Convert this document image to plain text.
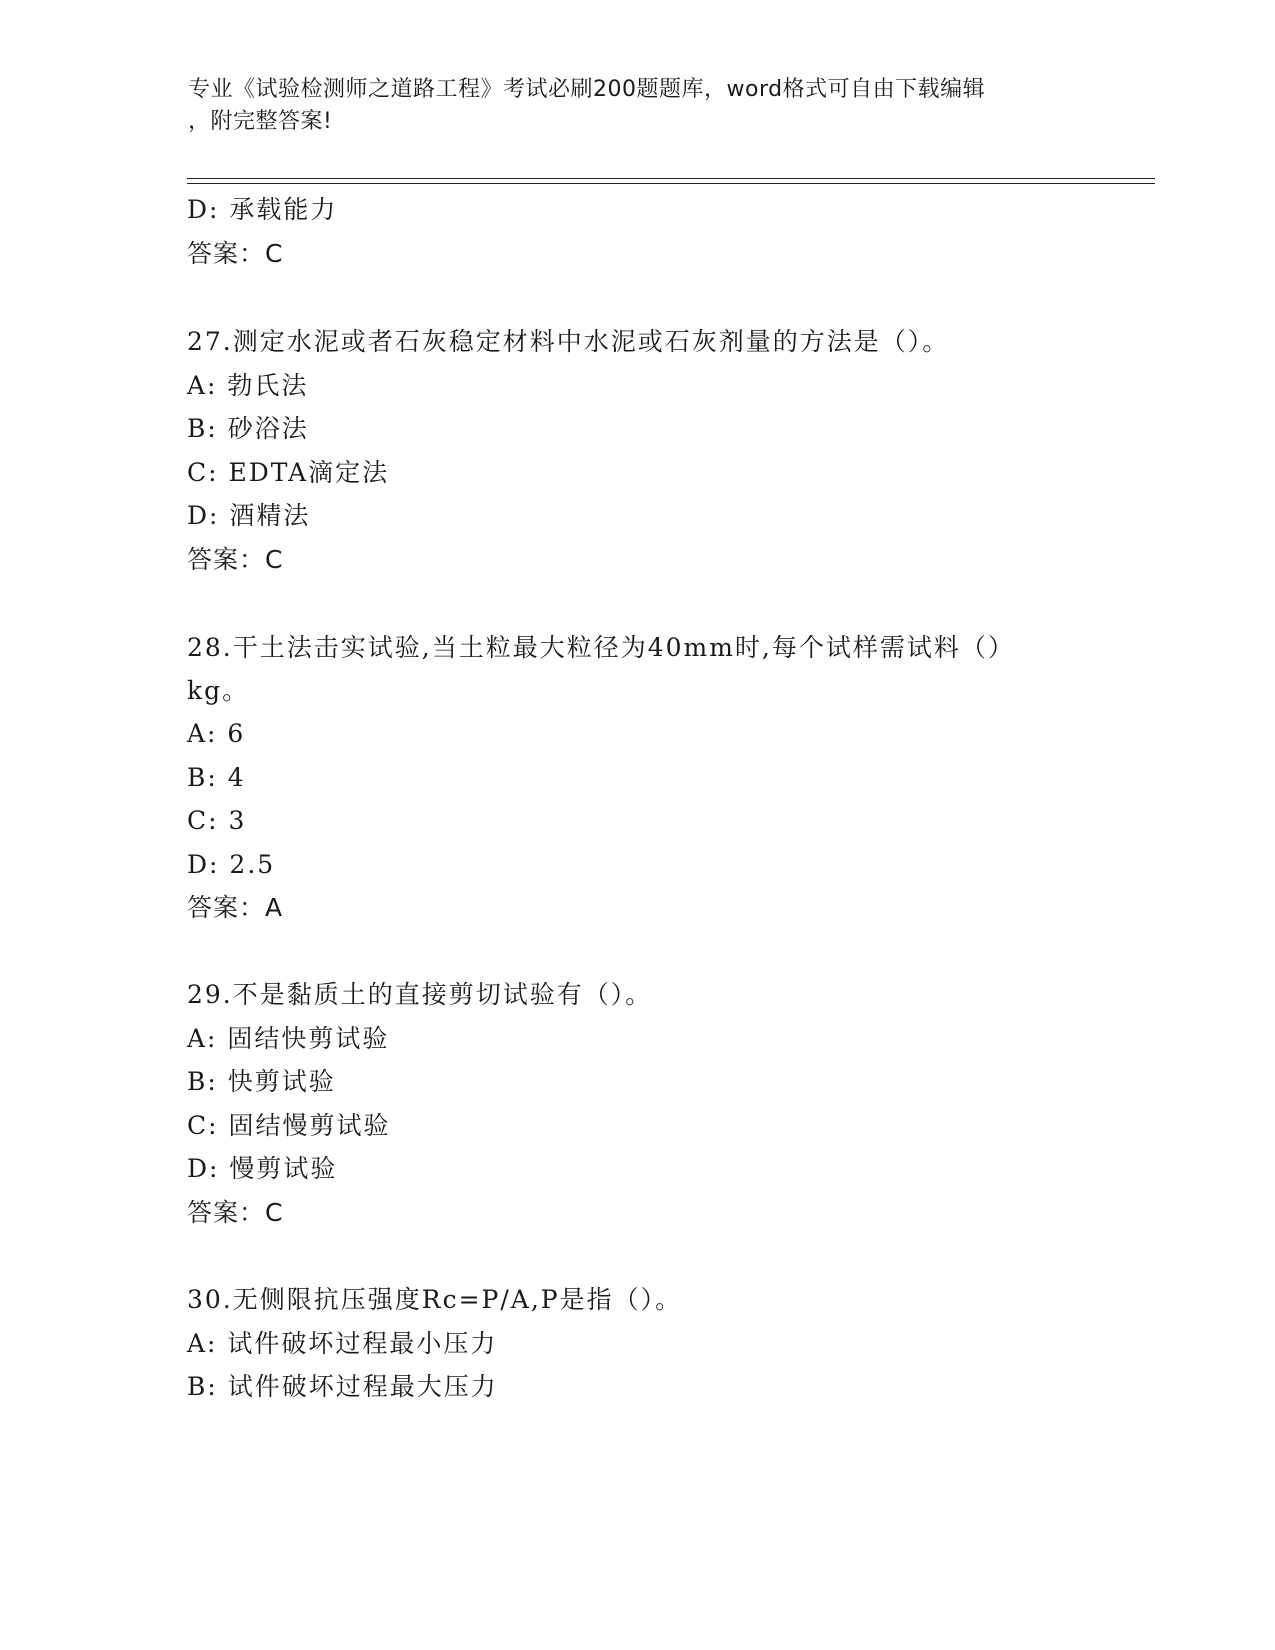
专业《试验检测师之道路工程》考试必刷200题题库，word格式可自由下载编辑
，附完整答案!
D: 承载能力
答案：C
27.测定水泥或者石灰稳定材料中水泥或石灰剂量的方法是（）。
A: 勃氏法
B: 砂浴法
C: EDTA滴定法
D: 酒精法
答案：C
28.干土法击实试验,当土粒最大粒径为40mm时,每个试样需试料（）
kg。
A: 6
B: 4
C: 3
D: 2.5
答案：A
29.不是黏质土的直接剪切试验有（）。
A: 固结快剪试验
B: 快剪试验
C: 固结慢剪试验
D: 慢剪试验
答案：C
30.无侧限抗压强度Rc=P/A,P是指（）。
A: 试件破坏过程最小压力
B: 试件破坏过程最大压力
